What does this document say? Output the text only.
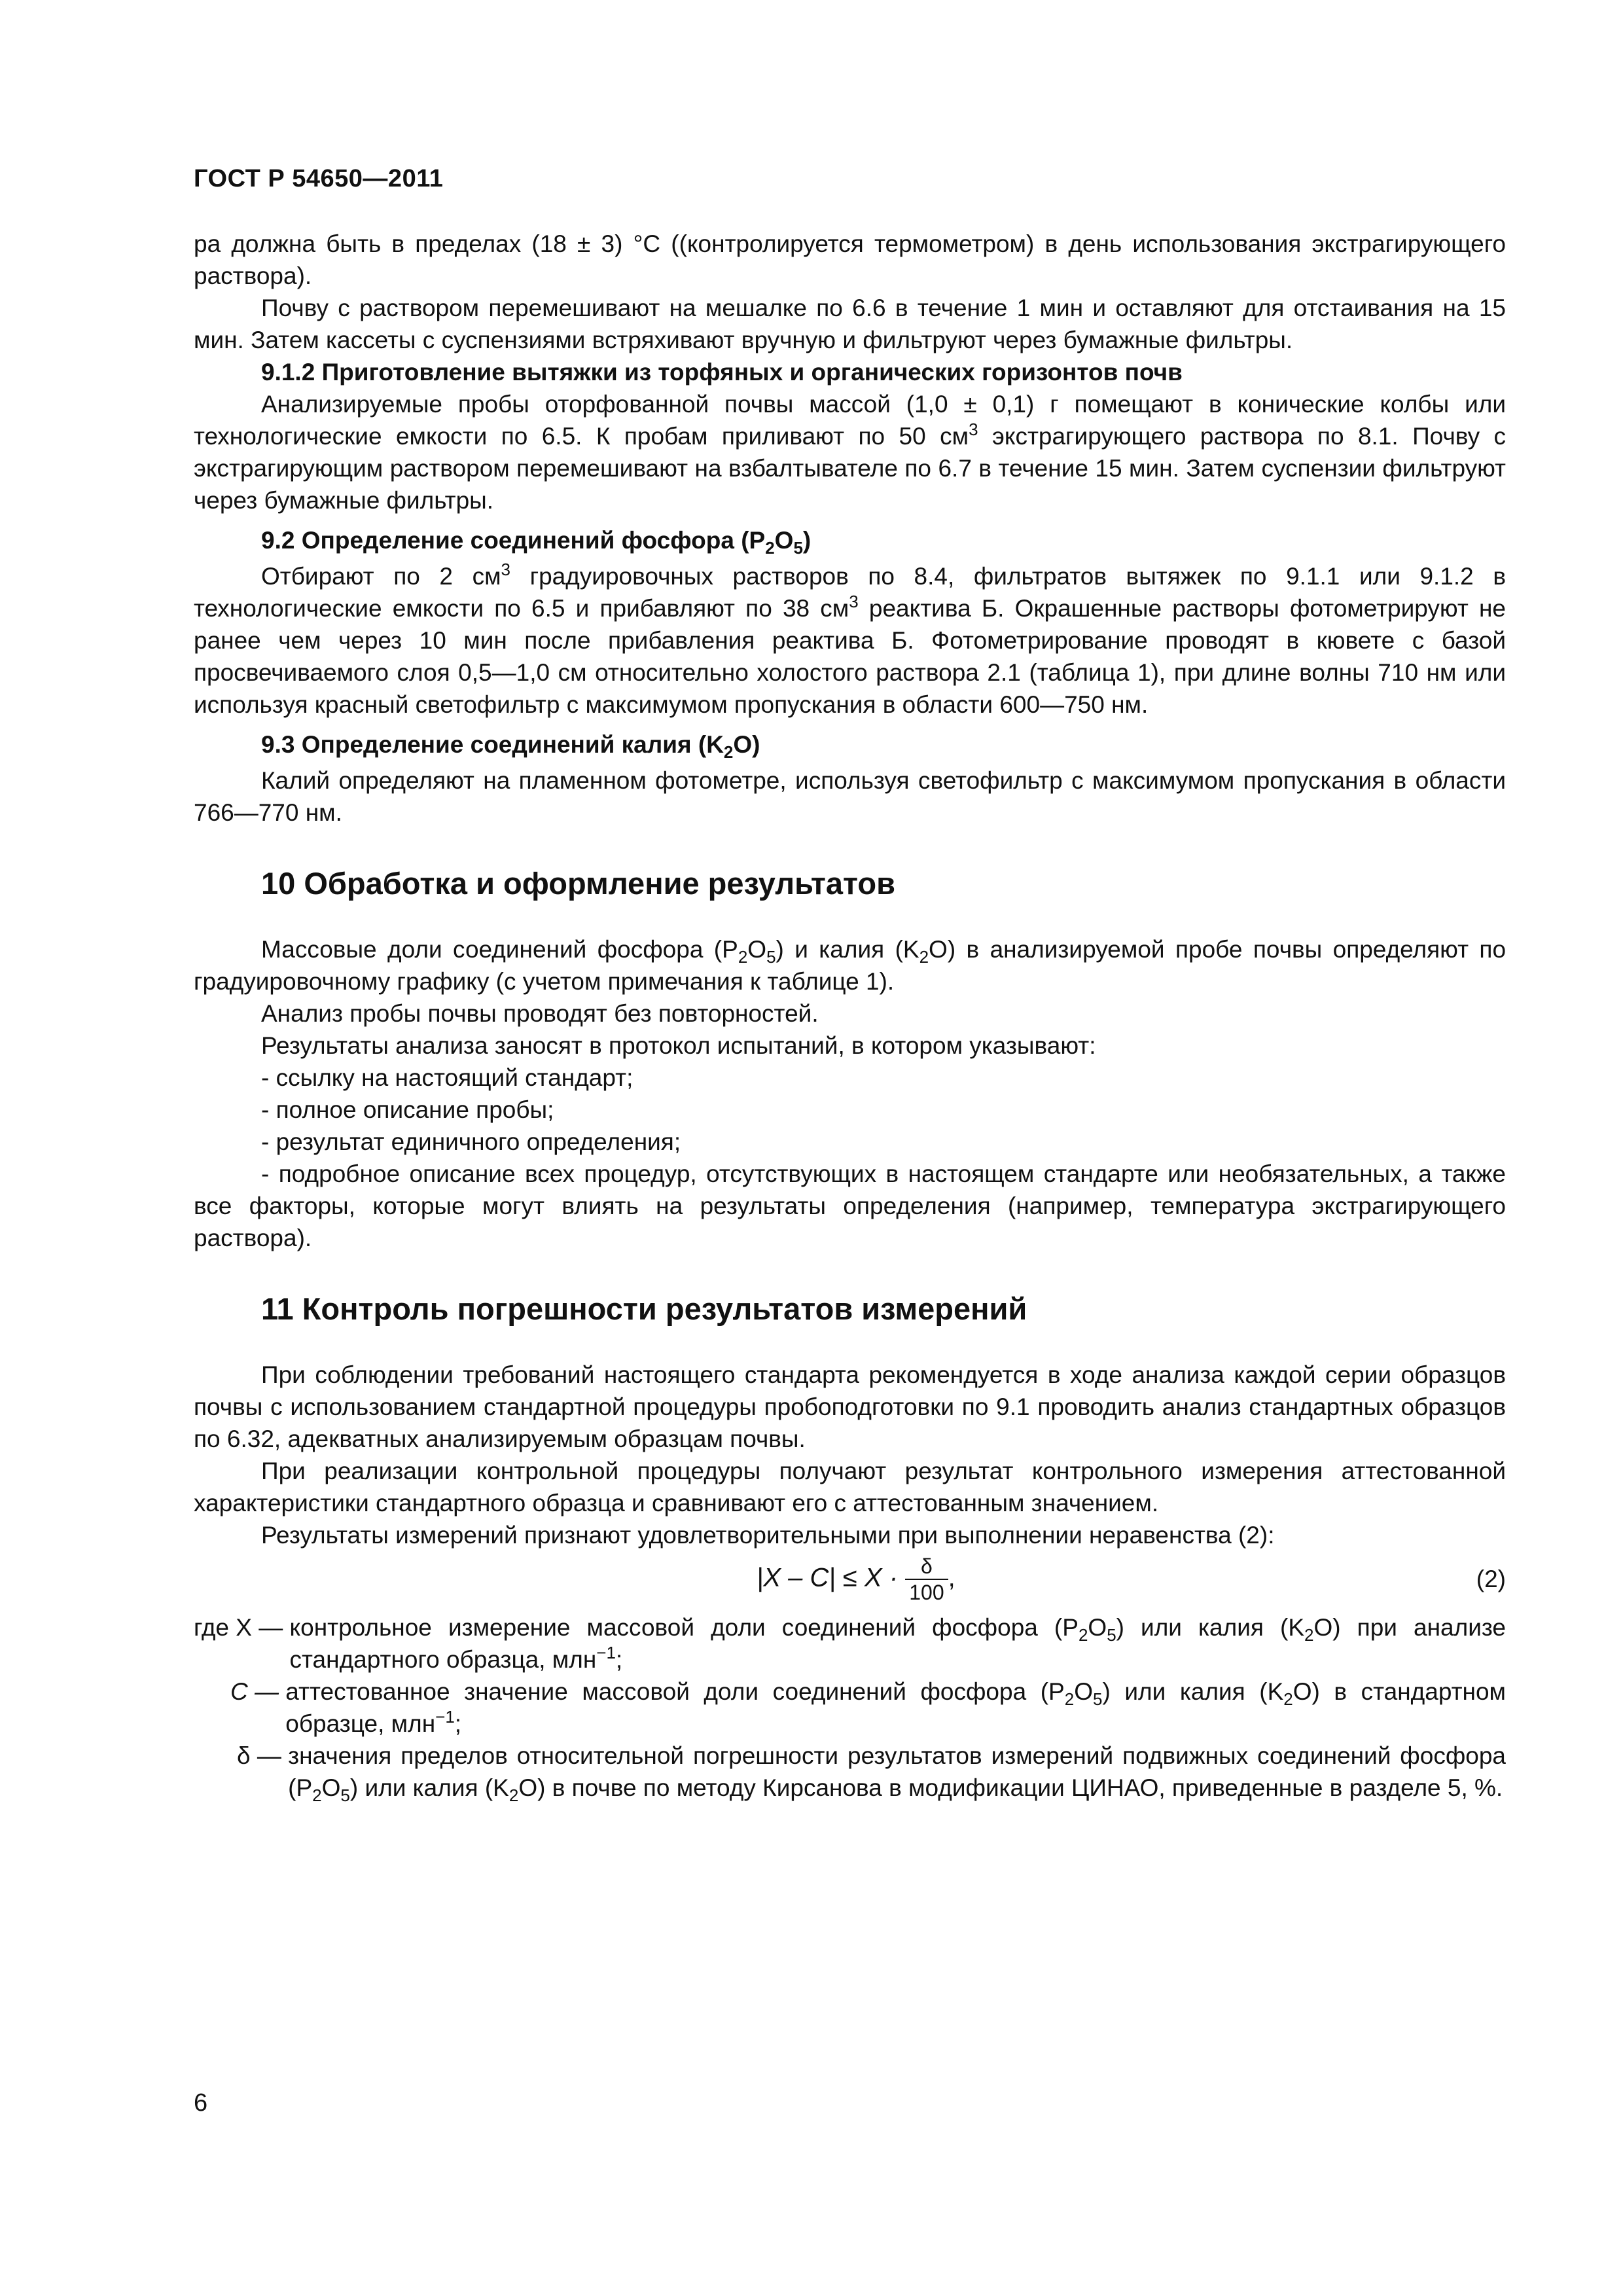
ГОСТ Р 54650—2011

ра должна быть в пределах (18 ± 3) °С ((контролируется термометром) в день использования экстрагирующего раствора).

Почву с раствором перемешивают на мешалке по 6.6 в течение 1 мин и оставляют для отстаивания на 15 мин. Затем кассеты с суспензиями встряхивают вручную и фильтруют через бумажные фильтры.

9.1.2 Приготовление вытяжки из торфяных и органических горизонтов почв

Анализируемые пробы оторфованной почвы массой (1,0 ± 0,1) г помещают в конические колбы или технологические емкости по 6.5. К пробам приливают по 50 $см^3$ экстрагирующего раствора по 8.1. Почву с экстрагирующим раствором перемешивают на взбалтывателе по 6.7 в течение 15 мин. Затем суспензии фильтруют через бумажные фильтры.

9.2 Определение соединений фосфора $(P_2O_5)$

Отбирают по 2 $см^3$ градуировочных растворов по 8.4, фильтратов вытяжек по 9.1.1 или 9.1.2 в технологические емкости по 6.5 и прибавляют по 38 $см^3$ реактива Б. Окрашенные растворы фотометрируют не ранее чем через 10 мин после прибавления реактива Б. Фотометрирование проводят в кювете с базой просвечиваемого слоя 0,5—1,0 см относительно холостого раствора 2.1 (таблица 1), при длине волны 710 нм или используя красный светофильтр с максимумом пропускания в области 600—750 нм.

9.3 Определение соединений калия $(K_2O)$

Калий определяют на пламенном фотометре, используя светофильтр с максимумом пропускания в области 766—770 нм.

10 Обработка и оформление результатов

Массовые доли соединений фосфора $(P_2O_5)$ и калия $(K_2O)$ в анализируемой пробе почвы определяют по градуировочному графику (с учетом примечания к таблице 1).

Анализ пробы почвы проводят без повторностей.

Результаты анализа заносят в протокол испытаний, в котором указывают:

- ссылку на настоящий стандарт;

- полное описание пробы;

- результат единичного определения;

- подробное описание всех процедур, отсутствующих в настоящем стандарте или необязательных, а также все факторы, которые могут влиять на результаты определения (например, температура экстрагирующего раствора).

11 Контроль погрешности результатов измерений

При соблюдении требований настоящего стандарта рекомендуется в ходе анализа каждой серии образцов почвы с использованием стандартной процедуры пробоподготовки по 9.1 проводить анализ стандартных образцов по 6.32, адекватных анализируемым образцам почвы.

При реализации контрольной процедуры получают результат контрольного измерения аттестованной характеристики стандартного образца и сравнивают его с аттестованным значением.

Результаты измерений признают удовлетворительными при выполнении неравенства (2):

$|X - C| \le X \cdot \frac{\delta}{100}$ ,	(2)
где X — контрольное измерение массовой доли соединений фосфора $(P_2O_5)$ или калия $(K_2O)$ при анализе стандартного образца, млн$^{-1}$;
C — аттестованное значение массовой доли соединений фосфора $(P_2O_5)$ или калия $(K_2O)$ в стандартном образце, млн$^{-1}$;
δ — значения пределов относительной погрешности результатов измерений подвижных соединений фосфора $(P_2O_5)$ или калия $(K_2O)$ в почве по методу Кирсанова в модификации ЦИНАО, приведенные в разделе 5, %.
6
